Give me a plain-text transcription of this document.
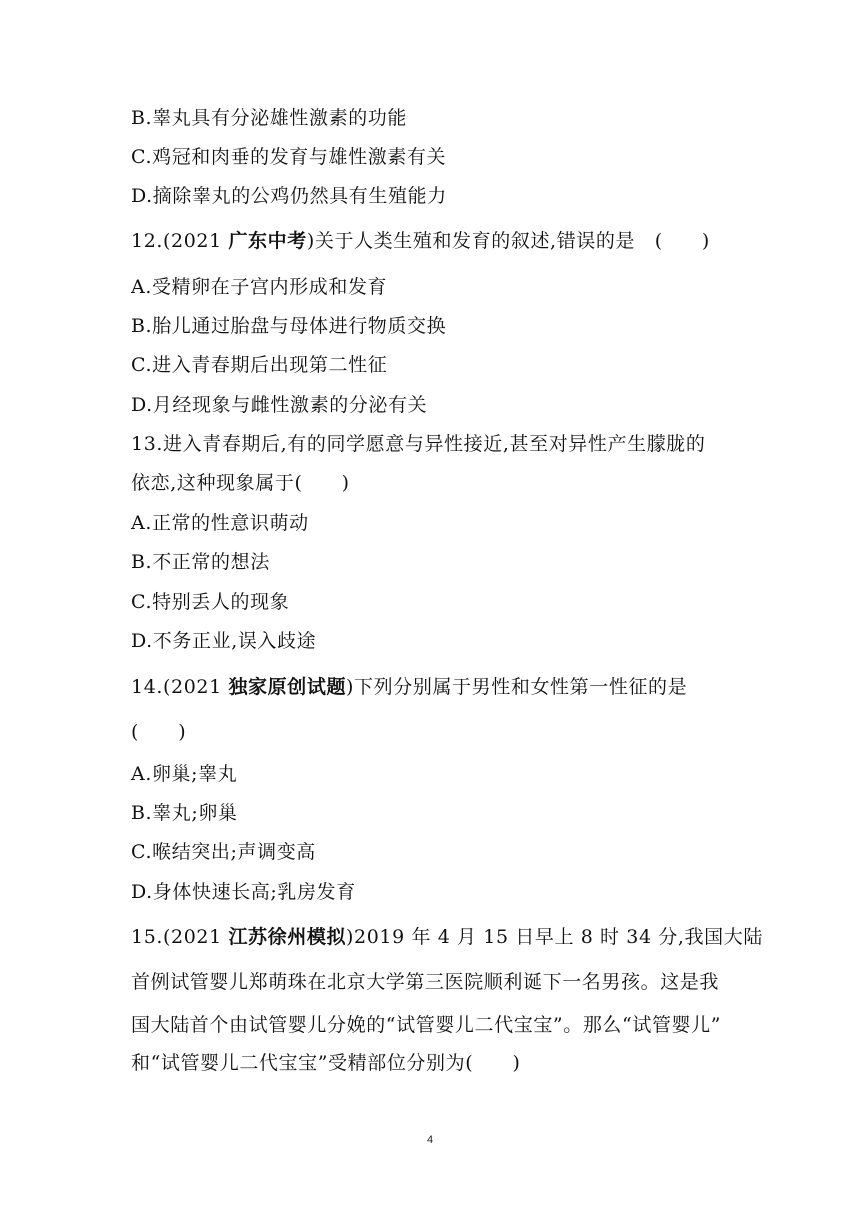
B.睾丸具有分泌雄性激素的功能

C.鸡冠和肉垂的发育与雄性激素有关

D.摘除睾丸的公鸡仍然具有生殖能力

12.(2021 广东中考)关于人类生殖和发育的叙述,错误的是　(　　)

A.受精卵在子宫内形成和发育

B.胎儿通过胎盘与母体进行物质交换

C.进入青春期后出现第二性征

D.月经现象与雌性激素的分泌有关

13.进入青春期后,有的同学愿意与异性接近,甚至对异性产生朦胧的

依恋,这种现象属于(　　)

A.正常的性意识萌动

B.不正常的想法

C.特别丢人的现象

D.不务正业,误入歧途

14.(2021 独家原创试题)下列分别属于男性和女性第一性征的是

(　　)

A.卵巢;睾丸

B.睾丸;卵巢

C.喉结突出;声调变高

D.身体快速长高;乳房发育

15.(2021 江苏徐州模拟)2019 年 4 月 15 日早上 8 时 34 分,我国大陆

首例试管婴儿郑萌珠在北京大学第三医院顺利诞下一名男孩。这是我

国大陆首个由试管婴儿分娩的“试管婴儿二代宝宝”。那么“试管婴儿”

和“试管婴儿二代宝宝”受精部位分别为(　　)

4
